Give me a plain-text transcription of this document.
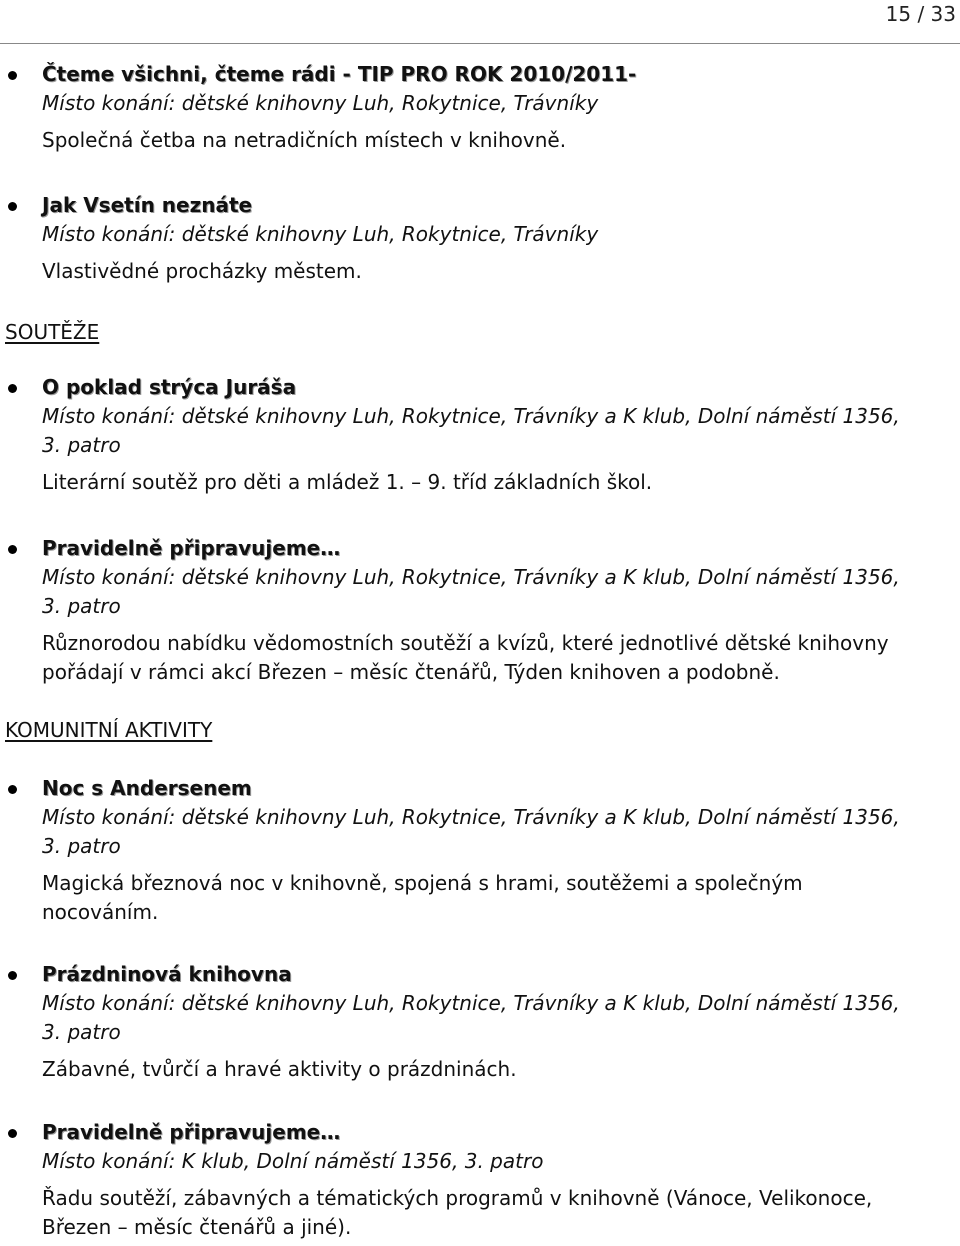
15 / 33
Čteme všichni, čteme rádi - TIP PRO ROK 2010/2011-
Místo konání: dětské knihovny Luh, Rokytnice, Trávníky
Společná četba na netradičních místech v knihovně.
Jak Vsetín neznáte
Místo konání: dětské knihovny Luh, Rokytnice, Trávníky
Vlastivědné procházky městem.
SOUTĚŽE
O poklad strýca Juráša
Místo konání: dětské knihovny Luh, Rokytnice, Trávníky a K klub, Dolní náměstí 1356, 3. patro
Literární soutěž pro děti a mládež 1. – 9. tříd základních škol.
Pravidelně připravujeme…
Místo konání: dětské knihovny Luh, Rokytnice, Trávníky a K klub, Dolní náměstí 1356, 3. patro
Různorodou nabídku vědomostních soutěží a kvízů, které jednotlivé dětské knihovny pořádají v rámci akcí Březen – měsíc čtenářů, Týden knihoven a podobně.
KOMUNITNÍ AKTIVITY
Noc s Andersenem
Místo konání: dětské knihovny Luh, Rokytnice, Trávníky a K klub, Dolní náměstí 1356, 3. patro
Magická březnová noc v knihovně, spojená s hrami, soutěžemi a společným nocováním.
Prázdninová knihovna
Místo konání: dětské knihovny Luh, Rokytnice, Trávníky a K klub, Dolní náměstí 1356, 3. patro
Zábavné, tvůrčí a hravé aktivity o prázdninách.
Pravidelně připravujeme…
Místo konání: K klub, Dolní náměstí 1356, 3. patro
Řadu soutěží, zábavných a tématických programů v knihovně (Vánoce, Velikonoce, Březen – měsíc čtenářů a jiné).
